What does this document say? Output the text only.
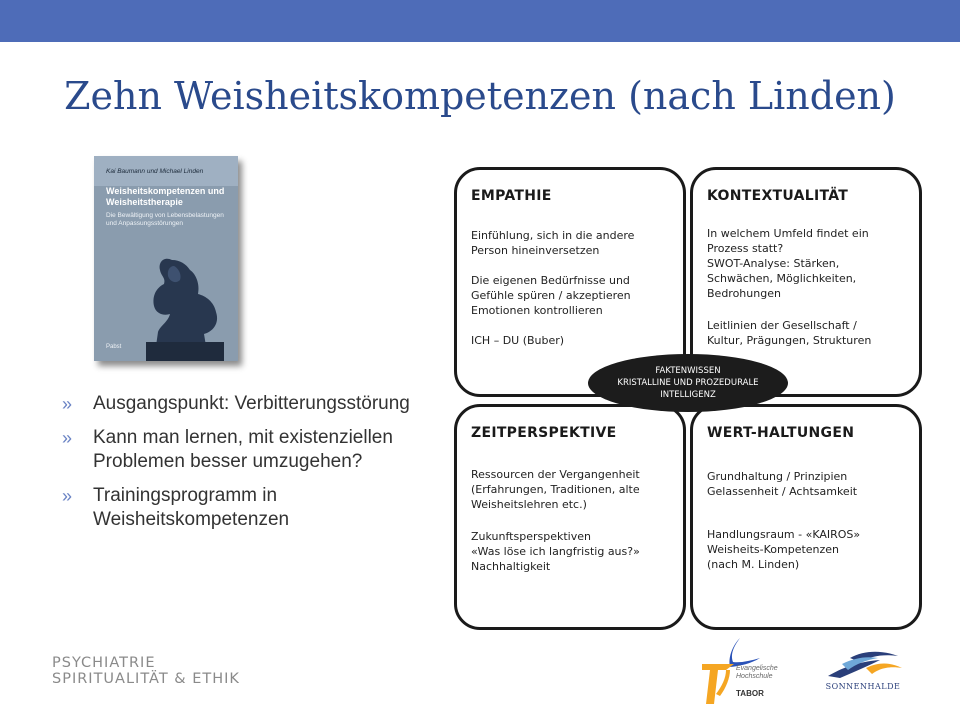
Zehn Weisheitskompetenzen (nach Linden)
Kai Baumann und Michael Linden
Weisheitskompetenzen und Weisheitstherapie
Die Bewältigung von Lebensbelastungen und Anpassungsstörungen
Pabst
» Ausgangspunkt: Verbitterungsstörung
» Kann man lernen, mit existenziellen Problemen besser umzugehen?
» Trainingsprogramm in Weisheitskompetenzen
EMPATHIE
Einfühlung, sich in die andere
Person hineinversetzen
Die eigenen Bedürfnisse und
Gefühle spüren / akzeptieren
Emotionen kontrollieren
ICH – DU (Buber)
KONTEXTUALITÄT
In welchem Umfeld findet ein
Prozess statt?
SWOT-Analyse: Stärken,
Schwächen, Möglichkeiten,
Bedrohungen
Leitlinien der Gesellschaft /
Kultur, Prägungen, Strukturen
ZEITPERSPEKTIVE
Ressourcen der Vergangenheit
(Erfahrungen, Traditionen, alte
Weisheitslehren etc.)
Zukunftsperspektiven
«Was löse ich langfristig aus?»
Nachhaltigkeit
WERT-HALTUNGEN
Grundhaltung / Prinzipien
Gelassenheit / Achtsamkeit
Handlungsraum - «KAIROS»
Weisheits-Kompetenzen
(nach M. Linden)
FAKTENWISSEN
KRISTALLINE UND PROZEDURALE
INTELLIGENZ
PSYCHIATRIE
SPIRITUALITÄT & ETHIK
Evangelische
Hochschule
TABOR
SONNENHALDE
